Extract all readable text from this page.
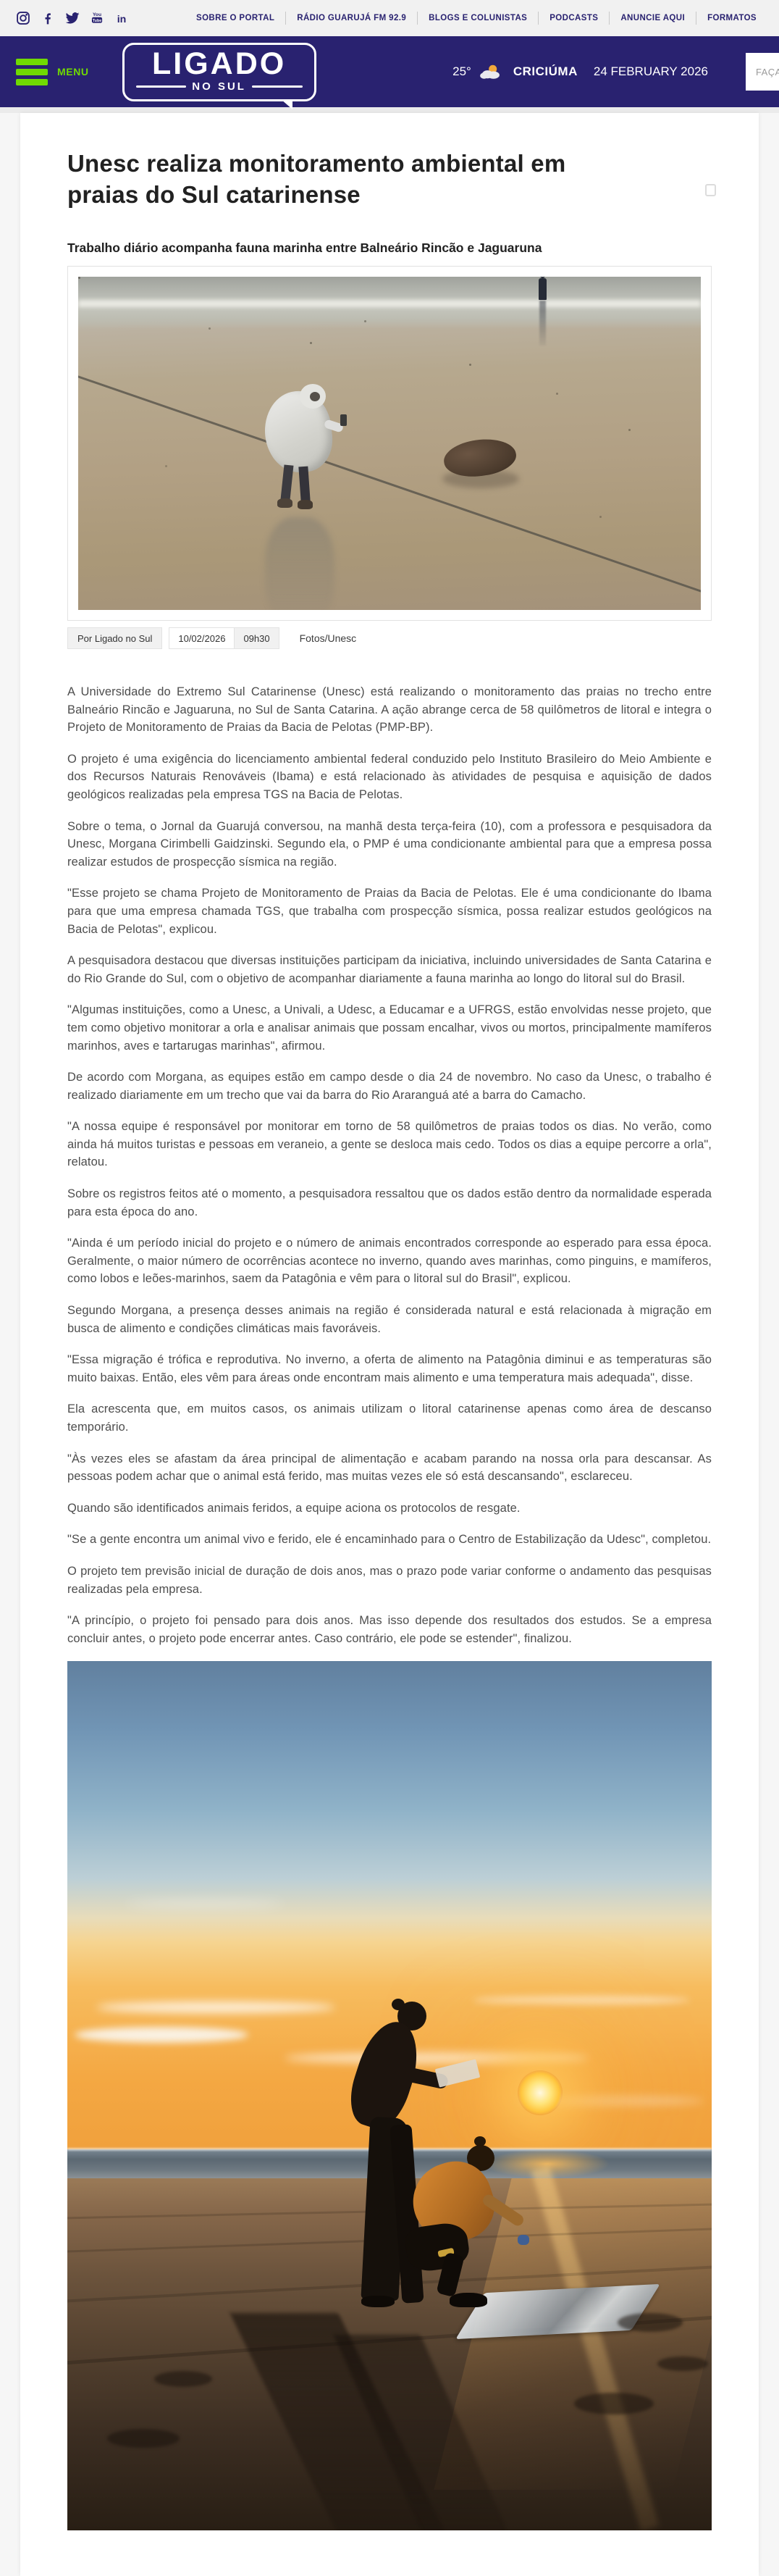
You
Tube in	SOBRE O PORTAL	RÁDIO GUARUJÁ FM 92.9	BLOGS E COLUNISTAS	PODCASTS	ANUNCIE AQUI	FORMATOS
MENU	LIGADO
NO SUL
25°	CRICIÚMA 24 FEBRUARY 2026
FAÇA SUA BUSCA
Unesc realiza monitoramento ambiental em praias do Sul catarinense
Trabalho diário acompanha fauna marinha entre Balneário Rincão e Jaguaruna
Por Ligado no Sul	10/02/2026	09h30	Fotos/Unesc

A Universidade do Extremo Sul Catarinense (Unesc) está realizando o monitoramento das praias no trecho entre Balneário Rincão e Jaguaruna, no Sul de Santa Catarina. A ação abrange cerca de 58 quilômetros de litoral e integra o Projeto de Monitoramento de Praias da Bacia de Pelotas (PMP-BP).

O projeto é uma exigência do licenciamento ambiental federal conduzido pelo Instituto Brasileiro do Meio Ambiente e dos Recursos Naturais Renováveis (Ibama) e está relacionado às atividades de pesquisa e aquisição de dados geológicos realizadas pela empresa TGS na Bacia de Pelotas.

Sobre o tema, o Jornal da Guarujá conversou, na manhã desta terça-feira (10), com a professora e pesquisadora da Unesc, Morgana Cirimbelli Gaidzinski. Segundo ela, o PMP é uma condicionante ambiental para que a empresa possa realizar estudos de prospecção sísmica na região.

"Esse projeto se chama Projeto de Monitoramento de Praias da Bacia de Pelotas. Ele é uma condicionante do Ibama para que uma empresa chamada TGS, que trabalha com prospecção sísmica, possa realizar estudos geológicos na Bacia de Pelotas", explicou.

A pesquisadora destacou que diversas instituições participam da iniciativa, incluindo universidades de Santa Catarina e do Rio Grande do Sul, com o objetivo de acompanhar diariamente a fauna marinha ao longo do litoral sul do Brasil.

"Algumas instituições, como a Unesc, a Univali, a Udesc, a Educamar e a UFRGS, estão envolvidas nesse projeto, que tem como objetivo monitorar a orla e analisar animais que possam encalhar, vivos ou mortos, principalmente mamíferos marinhos, aves e tartarugas marinhas", afirmou.

De acordo com Morgana, as equipes estão em campo desde o dia 24 de novembro. No caso da Unesc, o trabalho é realizado diariamente em um trecho que vai da barra do Rio Araranguá até a barra do Camacho.

"A nossa equipe é responsável por monitorar em torno de 58 quilômetros de praias todos os dias. No verão, como ainda há muitos turistas e pessoas em veraneio, a gente se desloca mais cedo. Todos os dias a equipe percorre a orla", relatou.

Sobre os registros feitos até o momento, a pesquisadora ressaltou que os dados estão dentro da normalidade esperada para esta época do ano.

"Ainda é um período inicial do projeto e o número de animais encontrados corresponde ao esperado para essa época. Geralmente, o maior número de ocorrências acontece no inverno, quando aves marinhas, como pinguins, e mamíferos, como lobos e leões-marinhos, saem da Patagônia e vêm para o litoral sul do Brasil", explicou.

Segundo Morgana, a presença desses animais na região é considerada natural e está relacionada à migração em busca de alimento e condições climáticas mais favoráveis.

"Essa migração é trófica e reprodutiva. No inverno, a oferta de alimento na Patagônia diminui e as temperaturas são muito baixas. Então, eles vêm para áreas onde encontram mais alimento e uma temperatura mais adequada", disse.

Ela acrescenta que, em muitos casos, os animais utilizam o litoral catarinense apenas como área de descanso temporário.

"Às vezes eles se afastam da área principal de alimentação e acabam parando na nossa orla para descansar. As pessoas podem achar que o animal está ferido, mas muitas vezes ele só está descansando", esclareceu.

Quando são identificados animais feridos, a equipe aciona os protocolos de resgate.

"Se a gente encontra um animal vivo e ferido, ele é encaminhado para o Centro de Estabilização da Udesc", completou.

O projeto tem previsão inicial de duração de dois anos, mas o prazo pode variar conforme o andamento das pesquisas realizadas pela empresa.

"A princípio, o projeto foi pensado para dois anos. Mas isso depende dos resultados dos estudos. Se a empresa concluir antes, o projeto pode encerrar antes. Caso contrário, ele pode se estender", finalizou.
